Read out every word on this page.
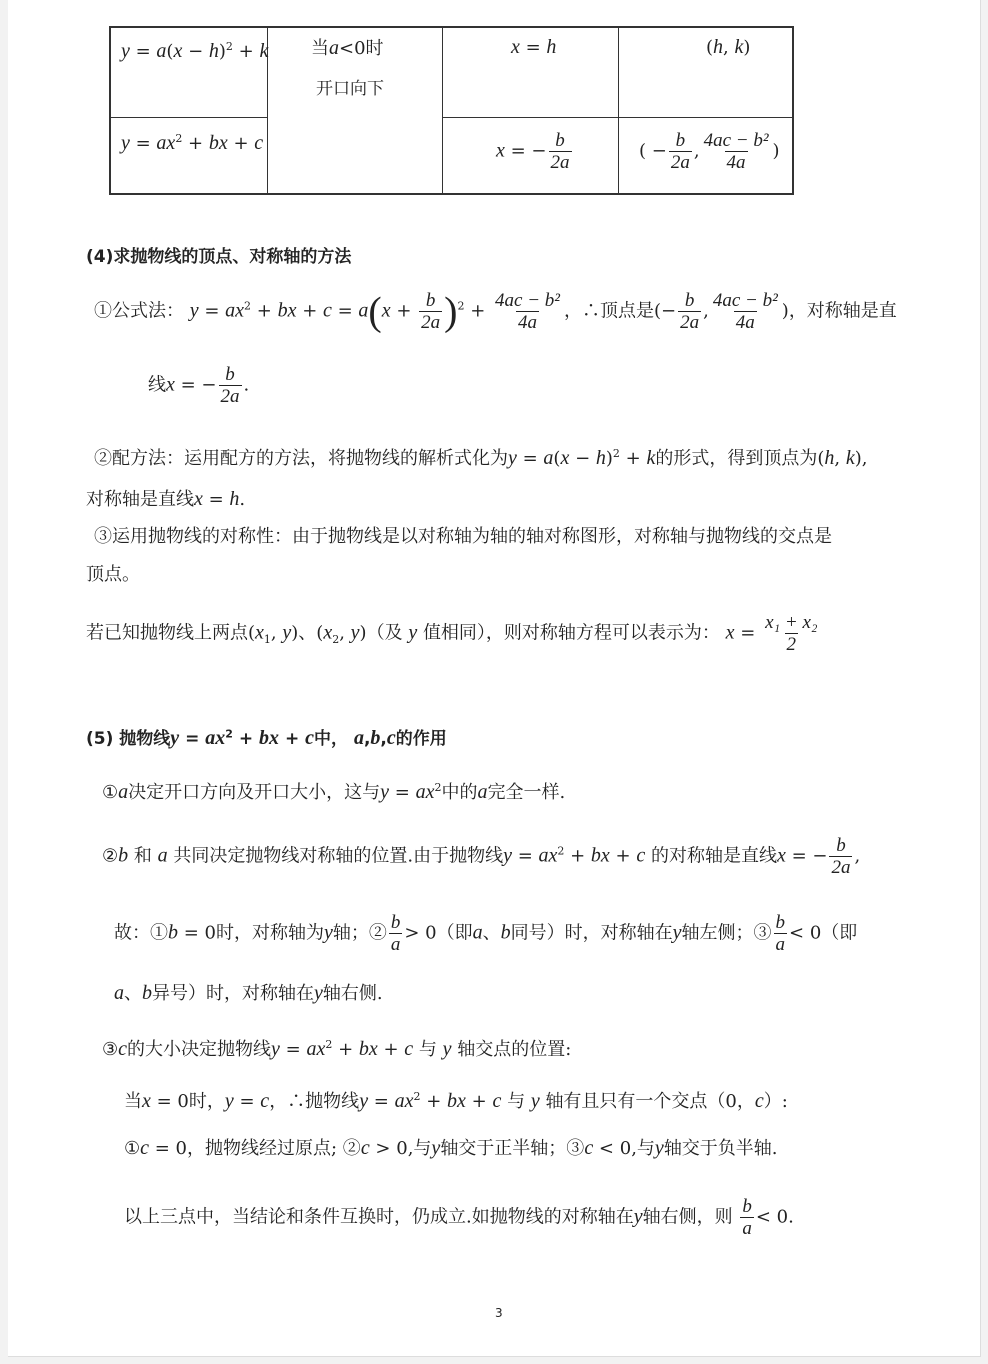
$y = a(x - h)^2 + k$
$y = ax^2$ + bx + c
当a<0时
开口向下
x = h
x = − $\frac{b}{2a}$
(h, k)
( − $\frac{b}{2a}$ , $\frac{\text{4ac − b²}}{4a}$ )
(4)求抛物线的顶点、对称轴的方法
①公式法： $y = ax^2$ + bx + $c = a(x + \frac{b}{2a} )^2 + \frac{\text{4ac − b²}}{4a}$ ，∴顶点是(− $\frac{b}{2a}$ , $\frac{\text{4ac − b²}}{4a}$ )，对称轴是直
线x = − $\frac{b}{2a}$ .
②配方法：运用配方的方法，将抛物线的解析式化为$y = a(x - h)^2 + k$的形式，得到顶点为(h, k),
对称轴是直线x = h.
③运用抛物线的对称性：由于抛物线是以对称轴为轴的轴对称图形，对称轴与抛物线的交点是
顶点。
若已知抛物线上两点($x_1$, y)、($x_2$, y)（及 y 值相同），则对称轴方程可以表示为： $x = \frac{\text{x₁ + x₂}}{2}$
(5) 抛物线$y = ax^2$ + bx + c中， a,b,c的作用
①a决定开口方向及开口大小，这与$y = ax^2$中的a完全一样.
②b 和 a 共同决定抛物线对称轴的位置.由于抛物线$y = ax^2$ + bx + c 的对称轴是直线x = − $\frac{b}{2a}$ ,
故：①b = 0时，对称轴为y轴；② $\frac{b}{a} > 0$（即a、b同号）时，对称轴在y轴左侧；③ $\frac{b}{a} < 0$（即
a、b异号）时，对称轴在y轴右侧.
③c的大小决定抛物线$y = ax^2$ + bx + c 与 y 轴交点的位置:
当x = 0时，y = c，∴抛物线$y = ax^2$ + bx + c 与 y 轴有且只有一个交点（0，c）:
①c = 0，抛物线经过原点; ②c > 0,与y轴交于正半轴；③c < 0,与y轴交于负半轴.
以上三点中，当结论和条件互换时，仍成立.如抛物线的对称轴在y轴右侧，则 $\frac{b}{a} < 0$.
3
